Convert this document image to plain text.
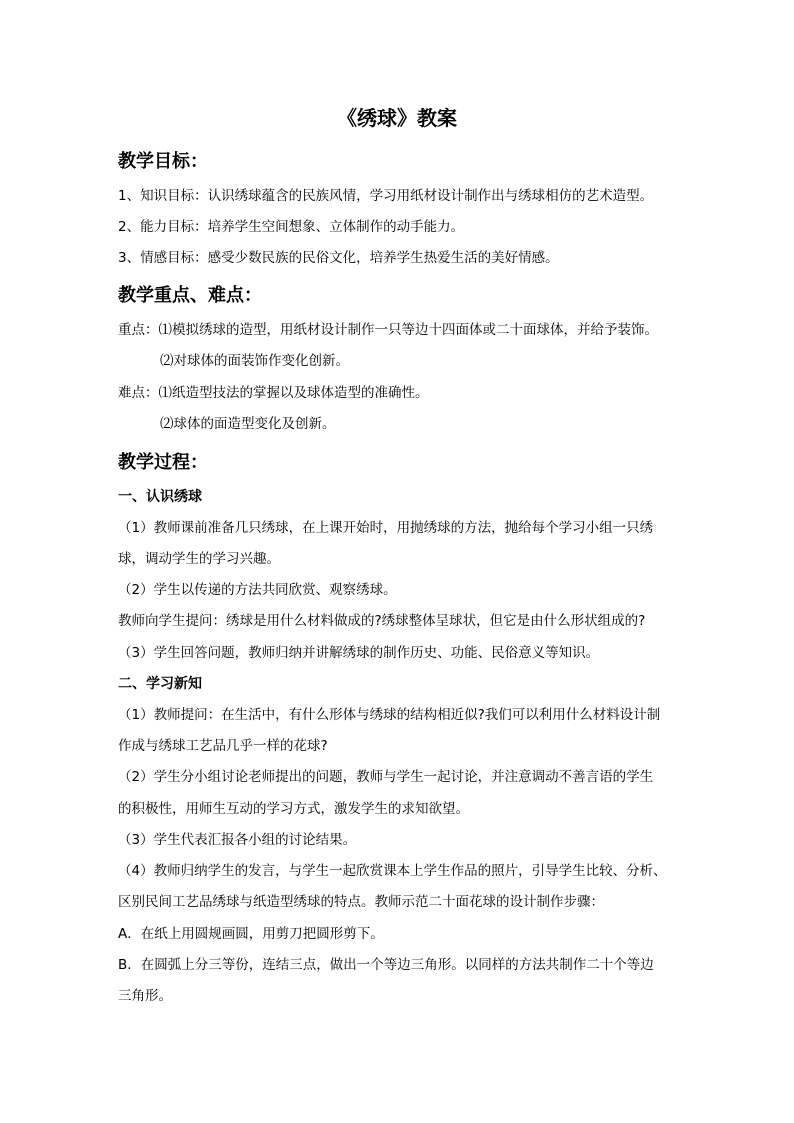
《绣球》教案
教学目标：
1、知识目标：认识绣球蕴含的民族风情，学习用纸材设计制作出与绣球相仿的艺术造型。
2、能力目标：培养学生空间想象、立体制作的动手能力。
3、情感目标：感受少数民族的民俗文化，培养学生热爱生活的美好情感。
教学重点、难点：
重点：⑴模拟绣球的造型，用纸材设计制作一只等边十四面体或二十面球体，并给予装饰。
⑵对球体的面装饰作变化创新。
难点：⑴纸造型技法的掌握以及球体造型的准确性。
⑵球体的面造型变化及创新。
教学过程：
一、认识绣球
（1）教师课前准备几只绣球，在上课开始时，用抛绣球的方法，抛给每个学习小组一只绣
球，调动学生的学习兴趣。
（2）学生以传递的方法共同欣赏、观察绣球。
教师向学生提问：绣球是用什么材料做成的?绣球整体呈球状，但它是由什么形状组成的?
（3）学生回答问题，教师归纳并讲解绣球的制作历史、功能、民俗意义等知识。
二、学习新知
（1）教师提问：在生活中，有什么形体与绣球的结构相近似?我们可以利用什么材料设计制
作成与绣球工艺品几乎一样的花球?
（2）学生分小组讨论老师提出的问题，教师与学生一起讨论，并注意调动不善言语的学生
的积极性，用师生互动的学习方式，激发学生的求知欲望。
（3）学生代表汇报各小组的讨论结果。
（4）教师归纳学生的发言，与学生一起欣赏课本上学生作品的照片，引导学生比较、分析、
区别民间工艺品绣球与纸造型绣球的特点。教师示范二十面花球的设计制作步骤：
A．在纸上用圆规画圆，用剪刀把圆形剪下。
B．在圆弧上分三等份，连结三点，做出一个等边三角形。以同样的方法共制作二十个等边
三角形。
